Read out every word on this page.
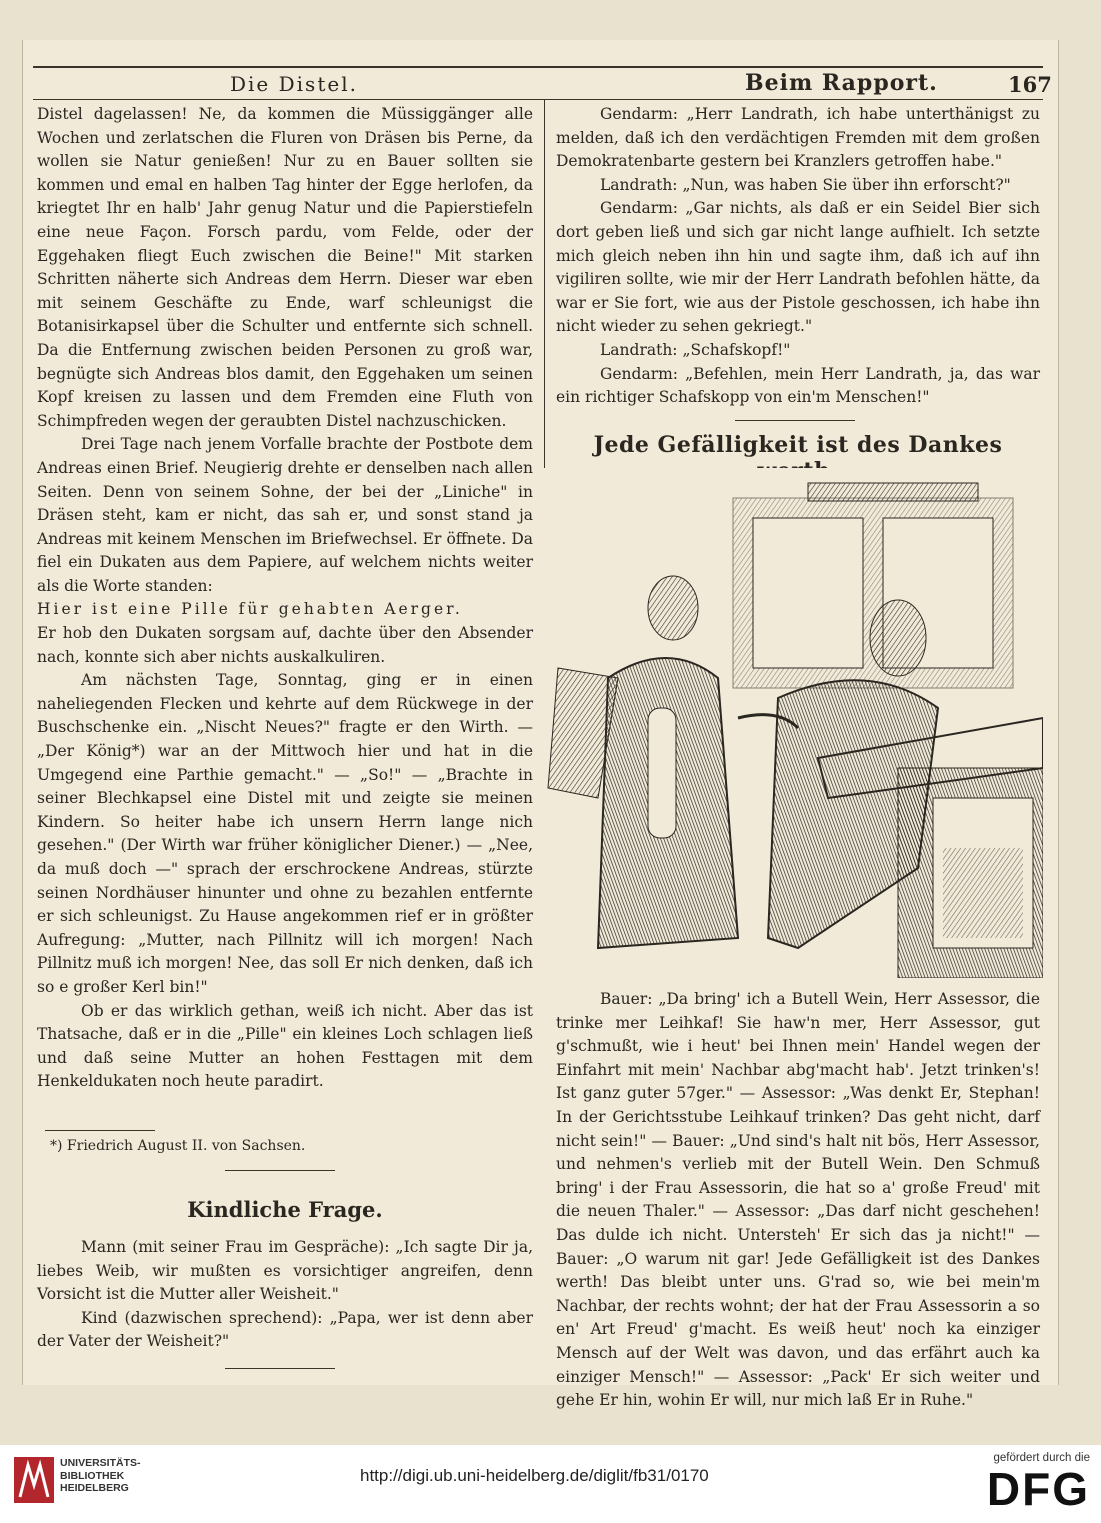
Die Distel.	Beim Rapport.	167

Distel dagelassen! Ne, da kommen die Müssiggänger alle Wochen und zerlatschen die Fluren von Dräsen bis Perne, da wollen sie Natur genießen! Nur zu en Bauer sollten sie kommen und emal en halben Tag hinter der Egge herlofen, da kriegtet Ihr en halb' Jahr genug Natur und die Papierstiefeln eine neue Façon. Forsch pardu, vom Felde, oder der Eggehaken fliegt Euch zwischen die Beine!" Mit starken Schritten näherte sich Andreas dem Herrn. Dieser war eben mit seinem Geschäfte zu Ende, warf schleunigst die Botanisirkapsel über die Schulter und entfernte sich schnell. Da die Entfernung zwischen beiden Personen zu groß war, begnügte sich Andreas blos damit, den Eggehaken um seinen Kopf kreisen zu lassen und dem Fremden eine Fluth von Schimpfreden wegen der geraubten Distel nachzuschicken.

Drei Tage nach jenem Vorfalle brachte der Postbote dem Andreas einen Brief. Neugierig drehte er denselben nach allen Seiten. Denn von seinem Sohne, der bei der „Liniche" in Dräsen steht, kam er nicht, das sah er, und sonst stand ja Andreas mit keinem Menschen im Briefwechsel. Er öffnete. Da fiel ein Dukaten aus dem Papiere, auf welchem nichts weiter als die Worte standen:

Hier ist eine Pille für gehabten Aerger.

Er hob den Dukaten sorgsam auf, dachte über den Absender nach, konnte sich aber nichts auskalkuliren.

Am nächsten Tage, Sonntag, ging er in einen naheliegenden Flecken und kehrte auf dem Rückwege in der Buschschenke ein. „Nischt Neues?" fragte er den Wirth. — „Der König*) war an der Mittwoch hier und hat in die Umgegend eine Parthie gemacht." — „So!" — „Brachte in seiner Blechkapsel eine Distel mit und zeigte sie meinen Kindern. So heiter habe ich unsern Herrn lange nich gesehen." (Der Wirth war früher königlicher Diener.) — „Nee, da muß doch —" sprach der erschrockene Andreas, stürzte seinen Nordhäuser hinunter und ohne zu bezahlen entfernte er sich schleunigst. Zu Hause angekommen rief er in größter Aufregung: „Mutter, nach Pillnitz will ich morgen! Nach Pillnitz muß ich morgen! Nee, das soll Er nich denken, daß ich so e großer Kerl bin!"

Ob er das wirklich gethan, weiß ich nicht. Aber das ist Thatsache, daß er in die „Pille" ein kleines Loch schlagen ließ und daß seine Mutter an hohen Festtagen mit dem Henkeldukaten noch heute paradirt.

*) Friedrich August II. von Sachsen.
Kindliche Frage.

Mann (mit seiner Frau im Gespräche): „Ich sagte Dir ja, liebes Weib, wir mußten es vorsichtiger angreifen, denn Vorsicht ist die Mutter aller Weisheit."

Kind (dazwischen sprechend): „Papa, wer ist denn aber der Vater der Weisheit?"

Gendarm: „Herr Landrath, ich habe unterthänigst zu melden, daß ich den verdächtigen Fremden mit dem großen Demokratenbarte gestern bei Kranzlers getroffen habe."

Landrath: „Nun, was haben Sie über ihn erforscht?"

Gendarm: „Gar nichts, als daß er ein Seidel Bier sich dort geben ließ und sich gar nicht lange aufhielt. Ich setzte mich gleich neben ihn hin und sagte ihm, daß ich auf ihn vigiliren sollte, wie mir der Herr Landrath befohlen hätte, da war er Sie fort, wie aus der Pistole geschossen, ich habe ihn nicht wieder zu sehen gekriegt."

Landrath: „Schafskopf!"

Gendarm: „Befehlen, mein Herr Landrath, ja, das war ein richtiger Schafskopp von ein'm Menschen!"

Jede Gefälligkeit ist des Dankes

Bauer: „Da bring' ich a Butell Wein, Herr Assessor, die trinke mer Leihkaf! Sie haw'n mer, Herr Assessor, gut g'schmußt, wie i heut' bei Ihnen mein' Handel wegen der Einfahrt mit mein' Nachbar abg'macht hab'. Jetzt trinken's! Ist ganz guter 57ger." — Assessor: „Was denkt Er, Stephan! In der Gerichtsstube Leihkauf trinken? Das geht nicht, darf nicht sein!" — Bauer: „Und sind's halt nit bös, Herr Assessor, und nehmen's verlieb mit der Butell Wein. Den Schmuß bring' i der Frau Assessorin, die hat so a' große Freud' mit die neuen Thaler." — Assessor: „Das darf nicht geschehen! Das dulde ich nicht. Untersteh' Er sich das ja nicht!" — Bauer: „O warum nit gar! Jede Gefälligkeit ist des Dankes werth! Das bleibt unter uns. G'rad so, wie bei mein'm Nachbar, der rechts wohnt; der hat der Frau Assessorin a so en' Art Freud' g'macht. Es weiß heut' noch ka einziger Mensch auf der Welt was davon, und das erfährt auch ka einziger Mensch!" — Assessor: „Pack' Er sich weiter und gehe Er hin, wohin Er will, nur mich laß Er in Ruhe."

UNIVERSITÄTS-
BIBLIOTHEK
HEIDELBERG
http://digi.ub.uni-heidelberg.de/diglit/fb31/0170
gefördert durch die
DFG
